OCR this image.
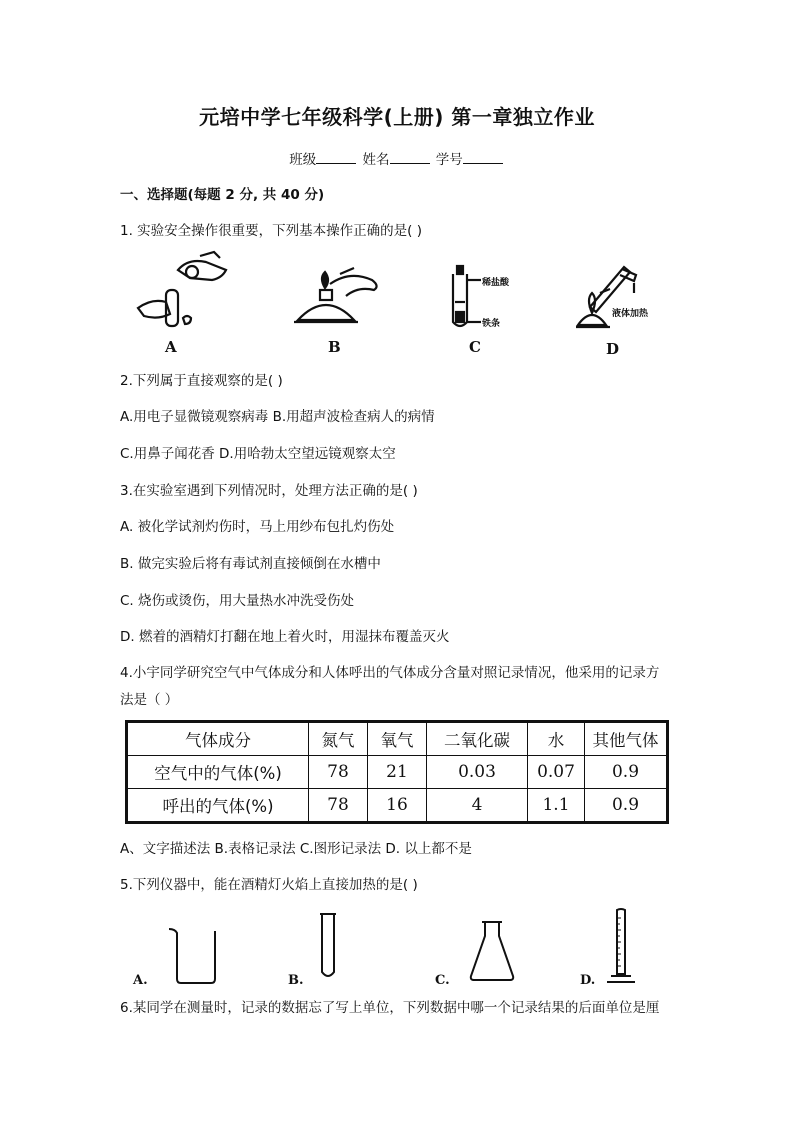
元培中学七年级科学(上册) 第一章独立作业
班级	姓名	学号
一、选择题(每题 2 分, 共 40 分)
1. 实验安全操作很重要，下列基本操作正确的是( )
A	B
稀盐酸
铁条
C
液体加热
D
2.下列属于直接观察的是( )
A.用电子显微镜观察病毒 B.用超声波检查病人的病情
C.用鼻子闻花香 D.用哈勃太空望远镜观察太空
3.在实验室遇到下列情况时，处理方法正确的是( )
A. 被化学试剂灼伤时，马上用纱布包扎灼伤处
B. 做完实验后将有毒试剂直接倾倒在水槽中
C. 烧伤或烫伤，用大量热水冲洗受伤处
D. 燃着的酒精灯打翻在地上着火时，用湿抹布覆盖灭火
4.小宇同学研究空气中气体成分和人体呼出的气体成分含量对照记录情况，他采用的记录方
法是（ ）
气体成分	氮气	氧气	二氧化碳	水	其他气体
空气中的气体(%)	78	21	0.03	0.07	0.9
呼出的气体(%)	78	16	4	1.1	0.9
A、文字描述法 B.表格记录法 C.图形记录法 D. 以上都不是
5.下列仪器中，能在酒精灯火焰上直接加热的是( )
A.	B.	C.	D.
6.某同学在测量时，记录的数据忘了写上单位，下列数据中哪一个记录结果的后面单位是厘
